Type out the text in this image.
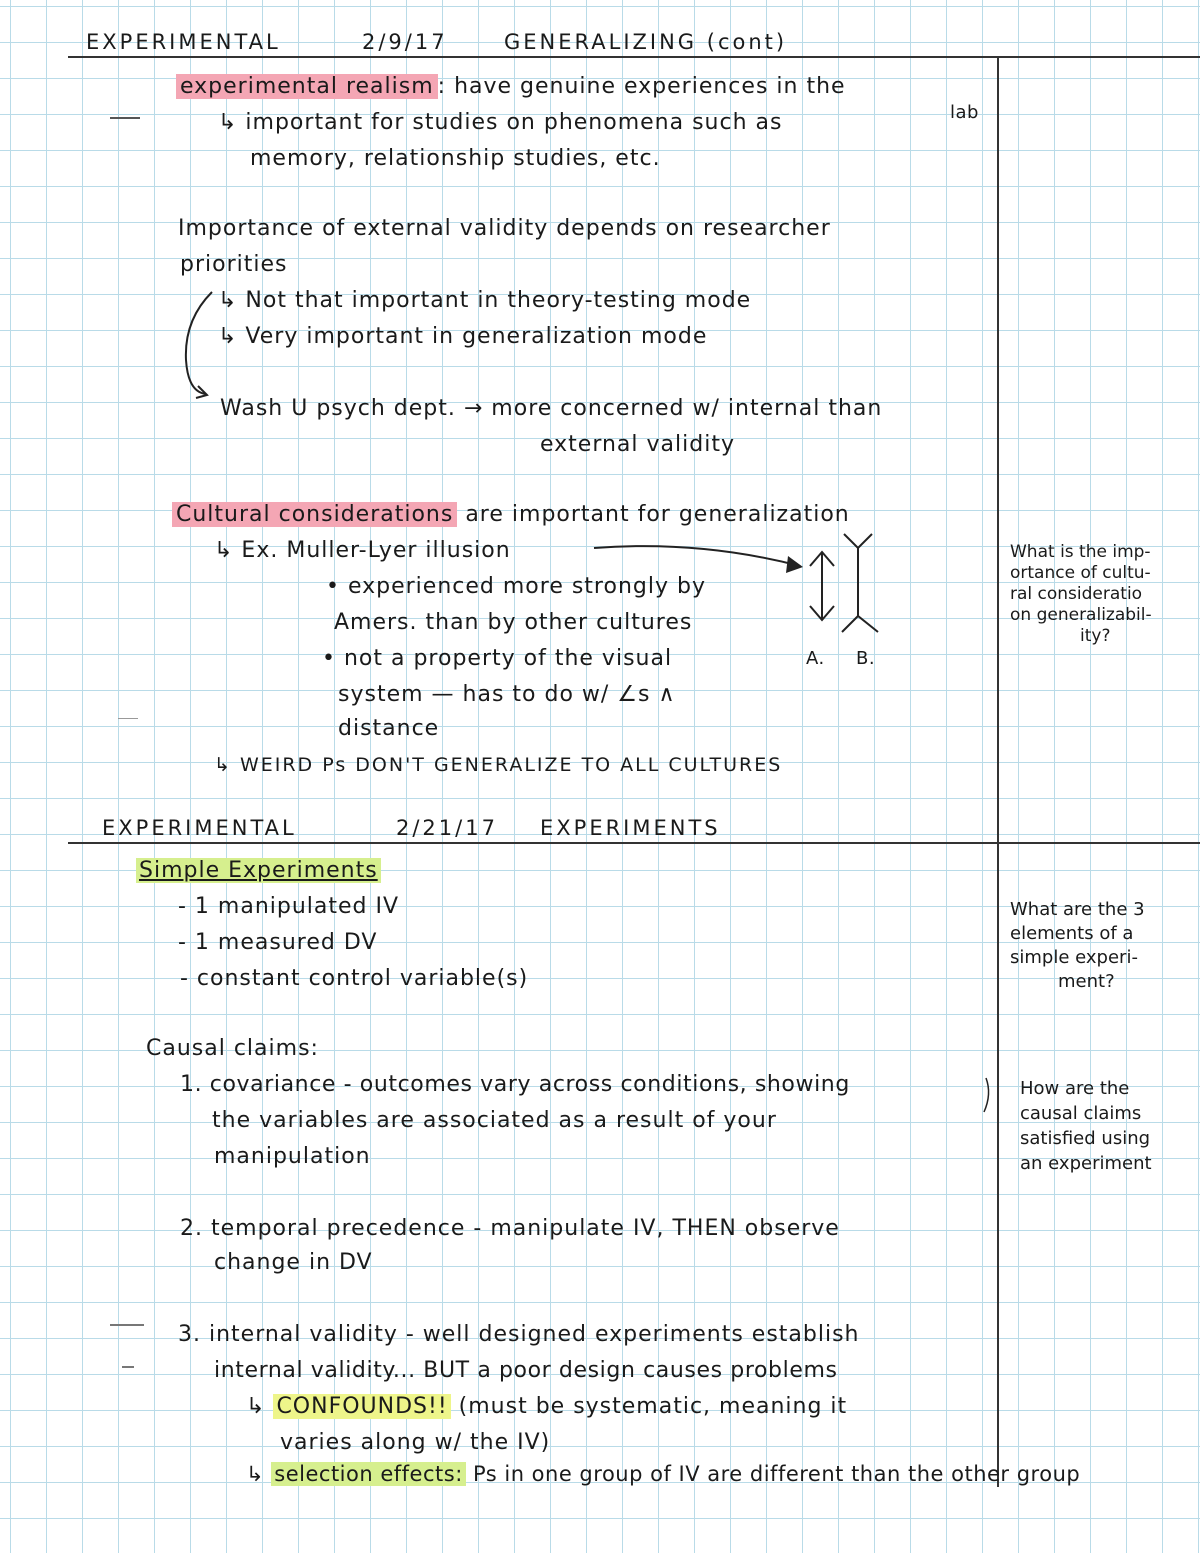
EXPERIMENTAL	2/9/17	GENERALIZING (cont)
experimental realism : have genuine experiences in the
lab
↳ important for studies on phenomena such as
memory, relationship studies, etc.
Importance of external validity depends on researcher
priorities
↳ Not that important in theory-testing mode
↳ Very important in generalization mode
Wash U psych dept. → more concerned w/ internal than
external validity
Cultural considerations are important for generalization
↳ Ex. Muller-Lyer illusion
• experienced more strongly by
Amers. than by other cultures
• not a property of the visual
system — has to do w/ ∠s ∧
distance
↳ WEIRD Ps DON'T GENERALIZE TO ALL CULTURES
A. B.
What is the imp-
ortance of cultu-
ral consideratio
on generalizabil-
ity?
EXPERIMENTAL	2/21/17 EXPERIMENTS
Simple Experiments
- 1 manipulated IV
- 1 measured DV
- constant control variable(s)
What are the 3
elements of a
simple experi-
ment?
Causal claims:
1. covariance - outcomes vary across conditions, showing
the variables are associated as a result of your
manipulation
2. temporal precedence - manipulate IV, THEN observe
change in DV
3. internal validity - well designed experiments establish
internal validity... BUT a poor design causes problems
↳ CONFOUNDS!! (must be systematic, meaning it
varies along w/ the IV)
↳ selection effects: Ps in one group of IV are different than the other group
How are the
causal claims
satisfied using
an experiment
